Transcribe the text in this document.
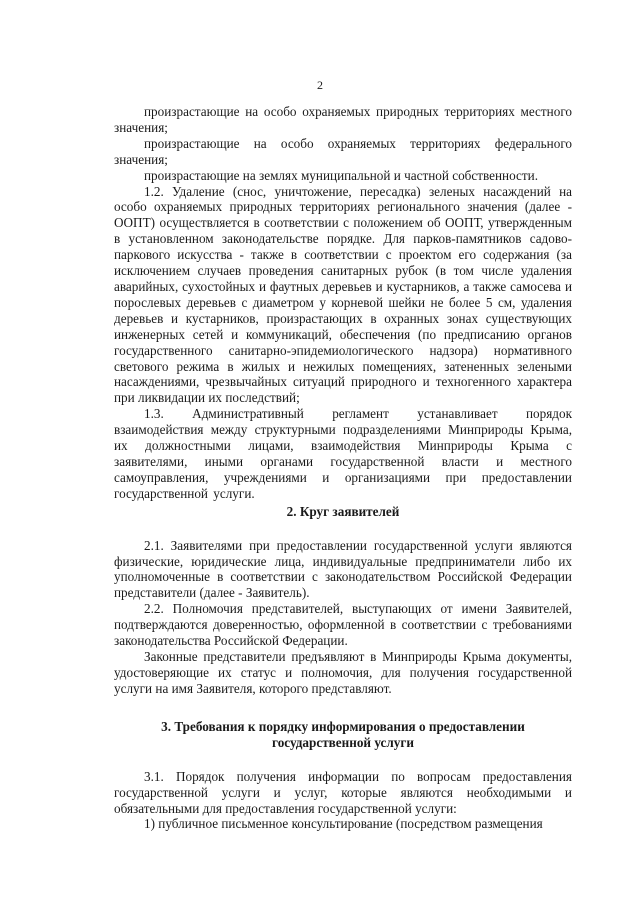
2

произрастающие на особо охраняемых природных территориях местного значения;

произрастающие на особо охраняемых территориях федерального значения;

произрастающие на землях муниципальной и частной собственности.

1.2. Удаление (снос, уничтожение, пересадка) зеленых насаждений на особо охраняемых природных территориях регионального значения (далее - ООПТ) осуществляется в соответствии с положением об ООПТ, утвержденным в установленном законодательстве порядке. Для парков-памятников садово-паркового искусства - также в соответствии с проектом его содержания (за исключением случаев проведения санитарных рубок (в том числе удаления аварийных, сухостойных и фаутных деревьев и кустарников, а также самосева и порослевых деревьев с диаметром у корневой шейки не более 5 см, удаления деревьев и кустарников, произрастающих в охранных зонах существующих инженерных сетей и коммуникаций, обеспечения (по предписанию органов государственного санитарно-эпидемиологического надзора) нормативного светового режима в жилых и нежилых помещениях, затененных зелеными насаждениями, чрезвычайных ситуаций природного и техногенного характера при ликвидации их последствий;

1.3. Административный регламент устанавливает порядок взаимодействия между структурными подразделениями Минприроды Крыма, их должностными лицами, взаимодействия Минприроды Крыма с заявителями, иными органами государственной власти и местного самоуправления, учреждениями и организациями при предоставлении государственной услуги.

2. Круг заявителей

2.1. Заявителями при предоставлении государственной услуги являются физические, юридические лица, индивидуальные предприниматели либо их уполномоченные в соответствии с законодательством Российской Федерации представители (далее - Заявитель).

2.2. Полномочия представителей, выступающих от имени Заявителей, подтверждаются доверенностью, оформленной в соответствии с требованиями законодательства Российской Федерации.

Законные представители предъявляют в Минприроды Крыма документы, удостоверяющие их статус и полномочия, для получения государственной услуги на имя Заявителя, которого представляют.

3. Требования к порядку информирования о предоставлении

государственной услуги

3.1. Порядок получения информации по вопросам предоставления государственной услуги и услуг, которые являются необходимыми и обязательными для предоставления государственной услуги:

1) публичное письменное консультирование (посредством размещения
